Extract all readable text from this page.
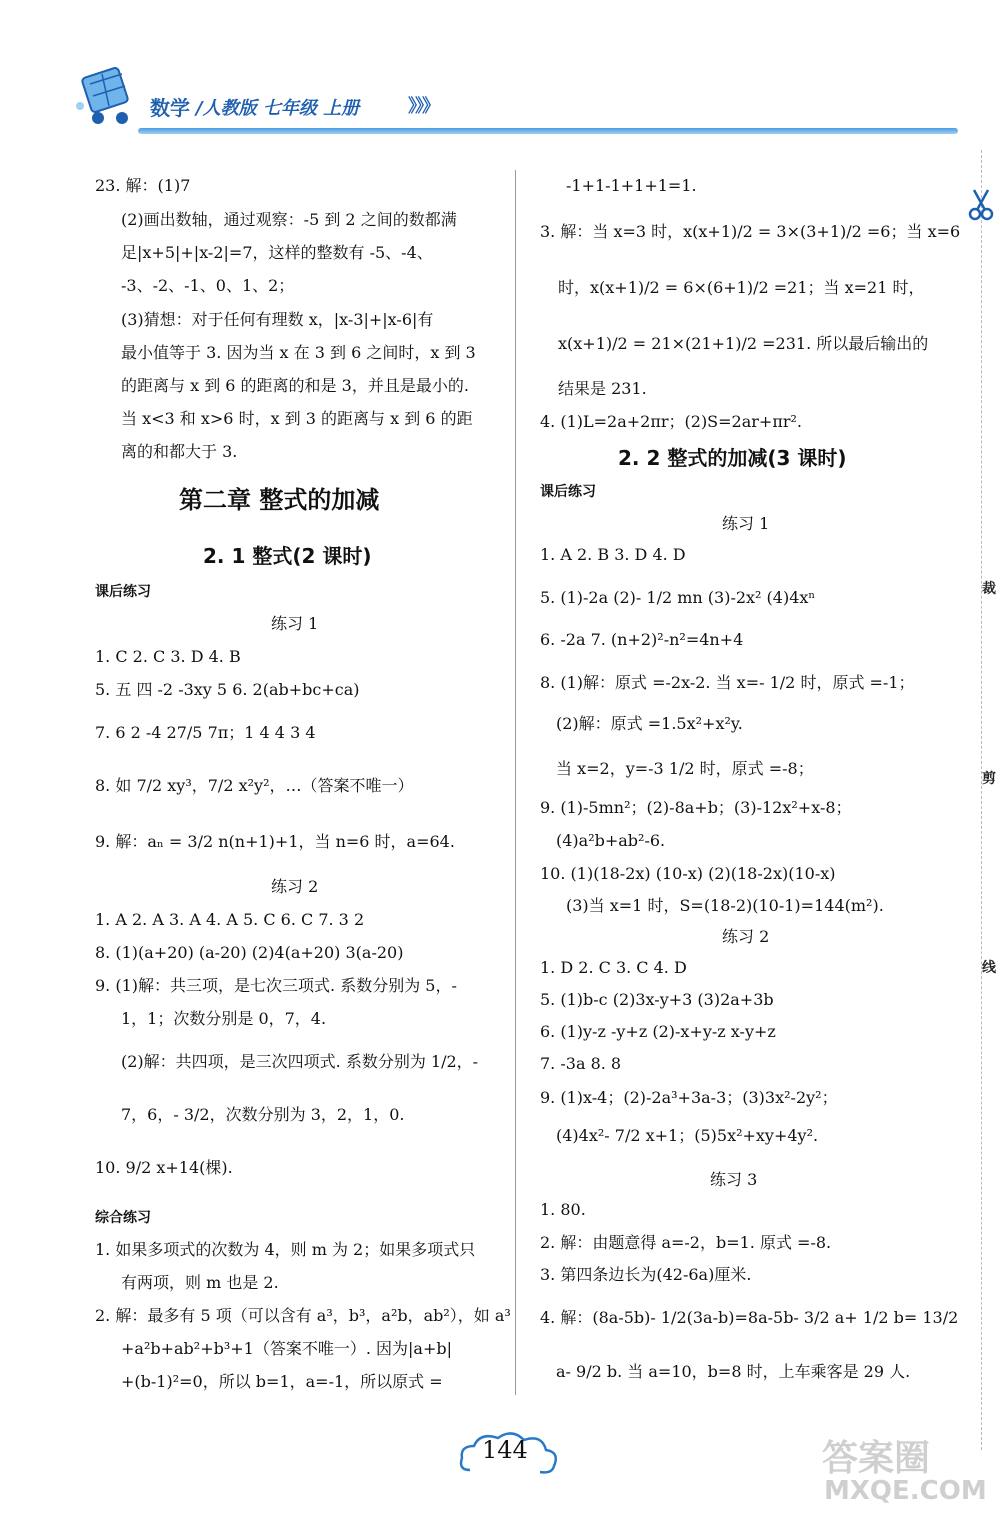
数学 /人教版 七年级 上册	》》》
23. 解：(1)7
(2)画出数轴，通过观察：-5 到 2 之间的数都满
足|x+5|+|x-2|=7，这样的整数有 -5、-4、
-3、-2、-1、0、1、2；
(3)猜想：对于任何有理数 x，|x-3|+|x-6|有
最小值等于 3. 因为当 x 在 3 到 6 之间时，x 到 3
的距离与 x 到 6 的距离的和是 3，并且是最小的.
当 x<3 和 x>6 时，x 到 3 的距离与 x 到 6 的距
离的和都大于 3.
第二章 整式的加减
2. 1 整式(2 课时)
课后练习
练习 1
1. C 2. C 3. D 4. B
5. 五 四 -2 -3xy 5 6. 2(ab+bc+ca)
7. 6 2 -4 27/5 7π；1 4 4 3 4
8. 如 7/2 xy³，7/2 x²y²，…（答案不唯一）
9. 解：aₙ = 3/2 n(n+1)+1，当 n=6 时，a=64.
练习 2
1. A 2. A 3. A 4. A 5. C 6. C 7. 3 2
8. (1)(a+20) (a-20) (2)4(a+20) 3(a-20)
9. (1)解：共三项，是七次三项式. 系数分别为 5，-
1，1；次数分别是 0，7，4.
(2)解：共四项，是三次四项式. 系数分别为 1/2，-
7，6，- 3/2，次数分别为 3，2，1，0.
10. 9/2 x+14(棵).
综合练习
1. 如果多项式的次数为 4，则 m 为 2；如果多项式只
有两项，则 m 也是 2.
2. 解：最多有 5 项（可以含有 a³，b³，a²b，ab²），如 a³
+a²b+ab²+b³+1（答案不唯一）. 因为|a+b|
+(b-1)²=0，所以 b=1，a=-1，所以原式 =
-1+1-1+1+1=1.
3. 解：当 x=3 时，x(x+1)/2 = 3×(3+1)/2 =6；当 x=6
时，x(x+1)/2 = 6×(6+1)/2 =21；当 x=21 时，
x(x+1)/2 = 21×(21+1)/2 =231. 所以最后输出的
结果是 231.
4. (1)L=2a+2πr；(2)S=2ar+πr².
2. 2 整式的加减(3 课时)
课后练习
练习 1
1. A 2. B 3. D 4. D
5. (1)-2a (2)- 1/2 mn (3)-2x² (4)4xⁿ
6. -2a 7. (n+2)²-n²=4n+4
8. (1)解：原式 =-2x-2. 当 x=- 1/2 时，原式 =-1；
(2)解：原式 =1.5x²+x²y.
当 x=2，y=-3 1/2 时，原式 =-8；
9. (1)-5mn²；(2)-8a+b；(3)-12x²+x-8；
(4)a²b+ab²-6.
10. (1)(18-2x) (10-x) (2)(18-2x)(10-x)
(3)当 x=1 时，S=(18-2)(10-1)=144(m²).
练习 2
1. D 2. C 3. C 4. D
5. (1)b-c (2)3x-y+3 (3)2a+3b
6. (1)y-z -y+z (2)-x+y-z x-y+z
7. -3a 8. 8
9. (1)x-4；(2)-2a³+3a-3；(3)3x²-2y²；
(4)4x²- 7/2 x+1；(5)5x²+xy+4y².
练习 3
1. 80.
2. 解：由题意得 a=-2，b=1. 原式 =-8.
3. 第四条边长为(42-6a)厘米.
4. 解：(8a-5b)- 1/2(3a-b)=8a-5b- 3/2 a+ 1/2 b= 13/2
a- 9/2 b. 当 a=10，b=8 时，上车乘客是 29 人.
裁
剪
线
144	答案圈
MXQE.COM
